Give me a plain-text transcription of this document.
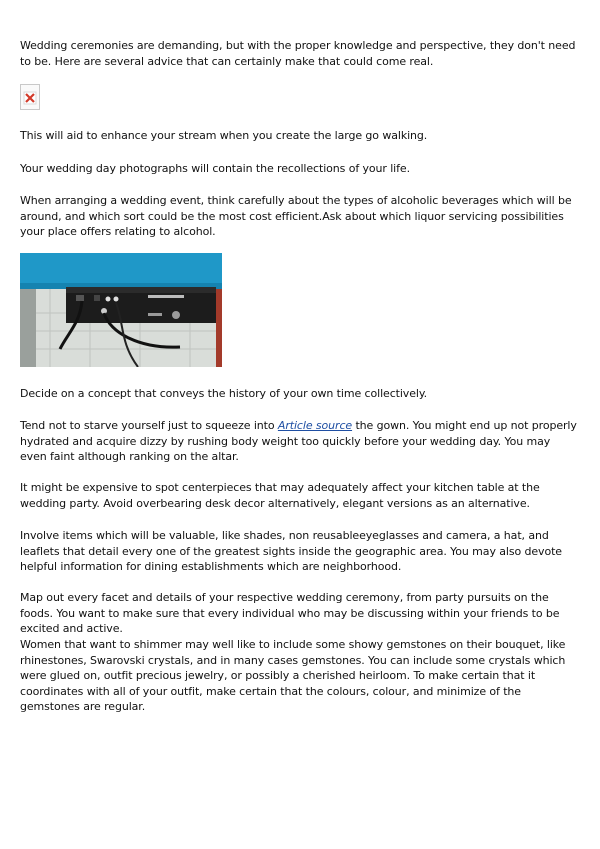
Wedding ceremonies are demanding, but with the proper knowledge and perspective, they don't need to be. Here are several advice that can certainly make that could come real.

This will aid to enhance your stream when you create the large go walking.

Your wedding day photographs will contain the recollections of your life.

When arranging a wedding event, think carefully about the types of alcoholic beverages which will be around, and which sort could be the most cost efficient.Ask about which liquor servicing possibilities your place offers relating to alcohol.

Decide on a concept that conveys the history of your own time collectively.

Tend not to starve yourself just to squeeze into Article source the gown. You might end up not properly hydrated and acquire dizzy by rushing body weight too quickly before your wedding day. You may even faint although ranking on the altar.

It might be expensive to spot centerpieces that may adequately affect your kitchen table at the wedding party. Avoid overbearing desk decor alternatively, elegant versions as an alternative.

Involve items which will be valuable, like shades, non reusableeyeglasses and camera, a hat, and leaflets that detail every one of the greatest sights inside the geographic area. You may also devote helpful information for dining establishments which are neighborhood.

Map out every facet and details of your respective wedding ceremony, from party pursuits on the foods. You want to make sure that every individual who may be discussing within your friends to be excited and active.

Women that want to shimmer may well like to include some showy gemstones on their bouquet, like rhinestones, Swarovski crystals, and in many cases gemstones. You can include some crystals which were glued on, outfit precious jewelry, or possibly a cherished heirloom. To make certain that it coordinates with all of your outfit, make certain that the colours, colour, and minimize of the gemstones are regular.
